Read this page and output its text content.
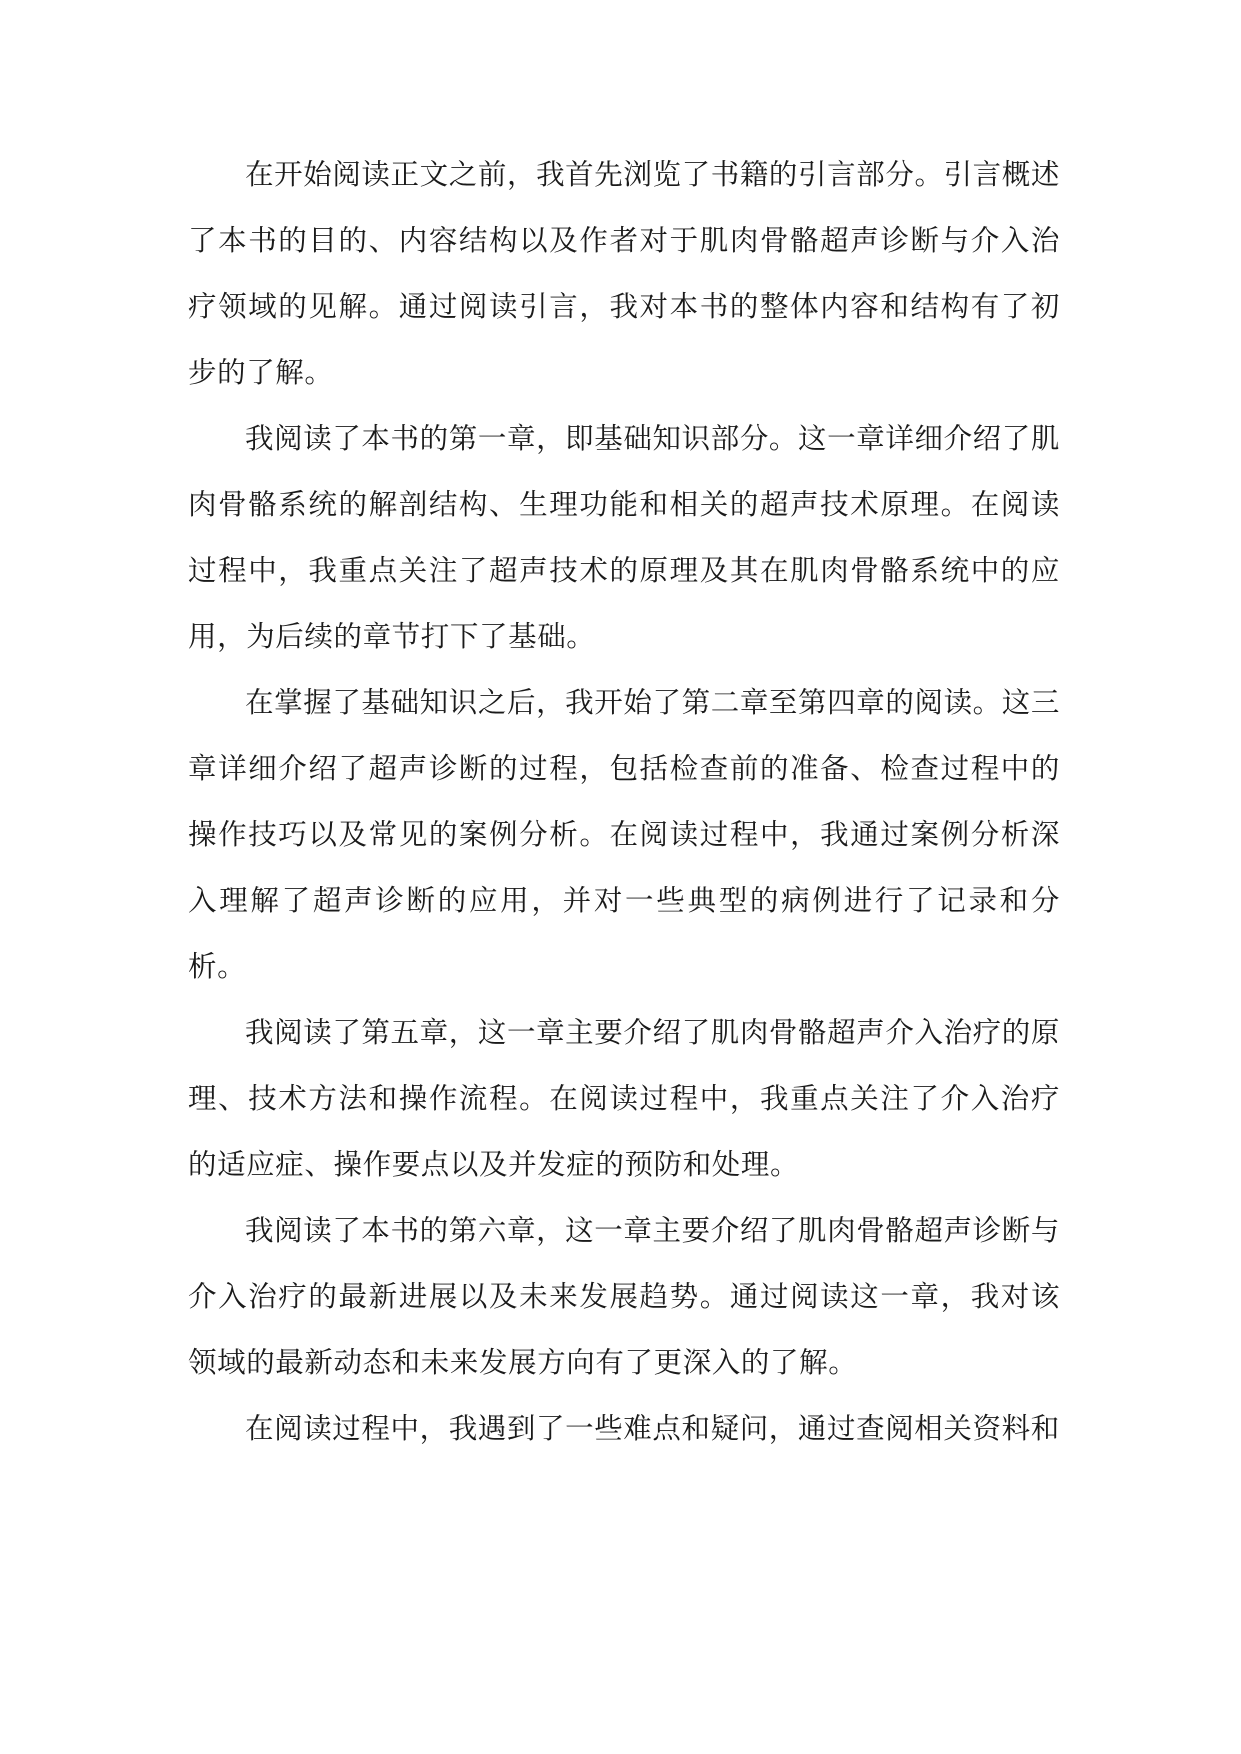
在开始阅读正文之前，我首先浏览了书籍的引言部分。引言概述了本书的目的、内容结构以及作者对于肌肉骨骼超声诊断与介入治疗领域的见解。通过阅读引言，我对本书的整体内容和结构有了初步的了解。

我阅读了本书的第一章，即基础知识部分。这一章详细介绍了肌肉骨骼系统的解剖结构、生理功能和相关的超声技术原理。在阅读过程中，我重点关注了超声技术的原理及其在肌肉骨骼系统中的应用，为后续的章节打下了基础。

在掌握了基础知识之后，我开始了第二章至第四章的阅读。这三章详细介绍了超声诊断的过程，包括检查前的准备、检查过程中的操作技巧以及常见的案例分析。在阅读过程中，我通过案例分析深入理解了超声诊断的应用，并对一些典型的病例进行了记录和分析。

我阅读了第五章，这一章主要介绍了肌肉骨骼超声介入治疗的原理、技术方法和操作流程。在阅读过程中，我重点关注了介入治疗的适应症、操作要点以及并发症的预防和处理。

我阅读了本书的第六章，这一章主要介绍了肌肉骨骼超声诊断与介入治疗的最新进展以及未来发展趋势。通过阅读这一章，我对该领域的最新动态和未来发展方向有了更深入的了解。

在阅读过程中，我遇到了一些难点和疑问，通过查阅相关资料和
